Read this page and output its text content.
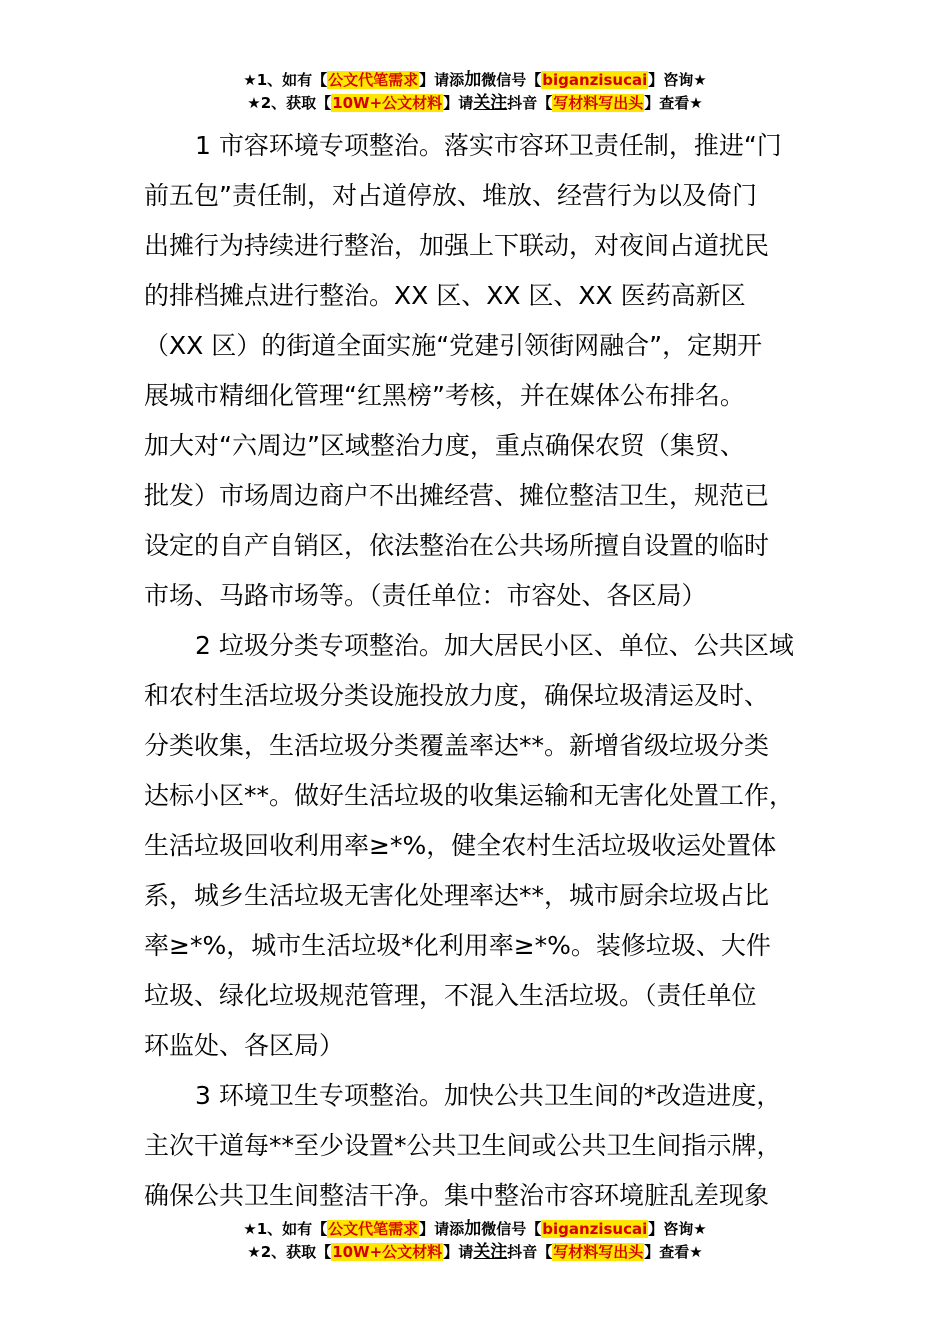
★1、如有【公文代笔需求】请添加微信号【biganzisucai】咨询★
★2、获取【10W+公文材料】请关注抖音【写材料写出头】查看★
1 市容环境专项整治。落实市容环卫责任制，推进“门
前五包”责任制，对占道停放、堆放、经营行为以及倚门
出摊行为持续进行整治，加强上下联动，对夜间占道扰民
的排档摊点进行整治。XX 区、XX 区、XX 医药高新区
（XX 区）的街道全面实施“党建引领街网融合”，定期开
展城市精细化管理“红黑榜”考核，并在媒体公布排名。
加大对“六周边”区域整治力度，重点确保农贸（集贸、
批发）市场周边商户不出摊经营、摊位整洁卫生，规范已
设定的自产自销区，依法整治在公共场所擅自设置的临时
市场、马路市场等。（责任单位：市容处、各区局）
2 垃圾分类专项整治。加大居民小区、单位、公共区域
和农村生活垃圾分类设施投放力度，确保垃圾清运及时、
分类收集，生活垃圾分类覆盖率达**。新增省级垃圾分类
达标小区**。做好生活垃圾的收集运输和无害化处置工作，
生活垃圾回收利用率≥*%，健全农村生活垃圾收运处置体
系，城乡生活垃圾无害化处理率达**，城市厨余垃圾占比
率≥*%，城市生活垃圾*化利用率≥*%。装修垃圾、大件
垃圾、绿化垃圾规范管理，不混入生活垃圾。（责任单位
环监处、各区局）
3 环境卫生专项整治。加快公共卫生间的*改造进度，
主次干道每**至少设置*公共卫生间或公共卫生间指示牌，
确保公共卫生间整洁干净。集中整治市容环境脏乱差现象
★1、如有【公文代笔需求】请添加微信号【biganzisucai】咨询★
★2、获取【10W+公文材料】请关注抖音【写材料写出头】查看★
